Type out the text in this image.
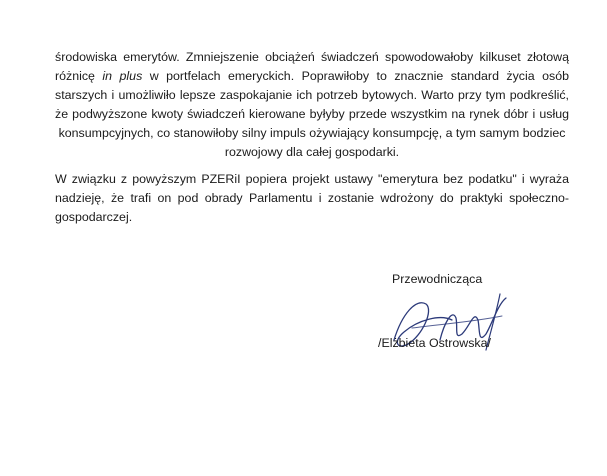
środowiska emerytów. Zmniejszenie obciążeń świadczeń spowodowałoby kilkuset złotową
różnicę in plus w portfelach emeryckich. Poprawiłoby to znacznie standard życia osób
starszych i umożliwiło lepsze zaspokajanie ich potrzeb bytowych. Warto przy tym podkreślić,
że podwyższone kwoty świadczeń kierowane byłyby przede wszystkim na rynek dóbr i usług
konsumpcyjnych, co stanowiłoby silny impuls ożywiający konsumpcję, a tym samym bodziec
rozwojowy dla całej gospodarki.

W związku z powyższym PZERiI popiera projekt ustawy "emerytura bez podatku" i wyraża
nadzieję, że trafi on pod obrady Parlamentu i zostanie wdrożony do praktyki społeczno-
gospodarczej.

Przewodnicząca
/Elżbieta Ostrowska/
